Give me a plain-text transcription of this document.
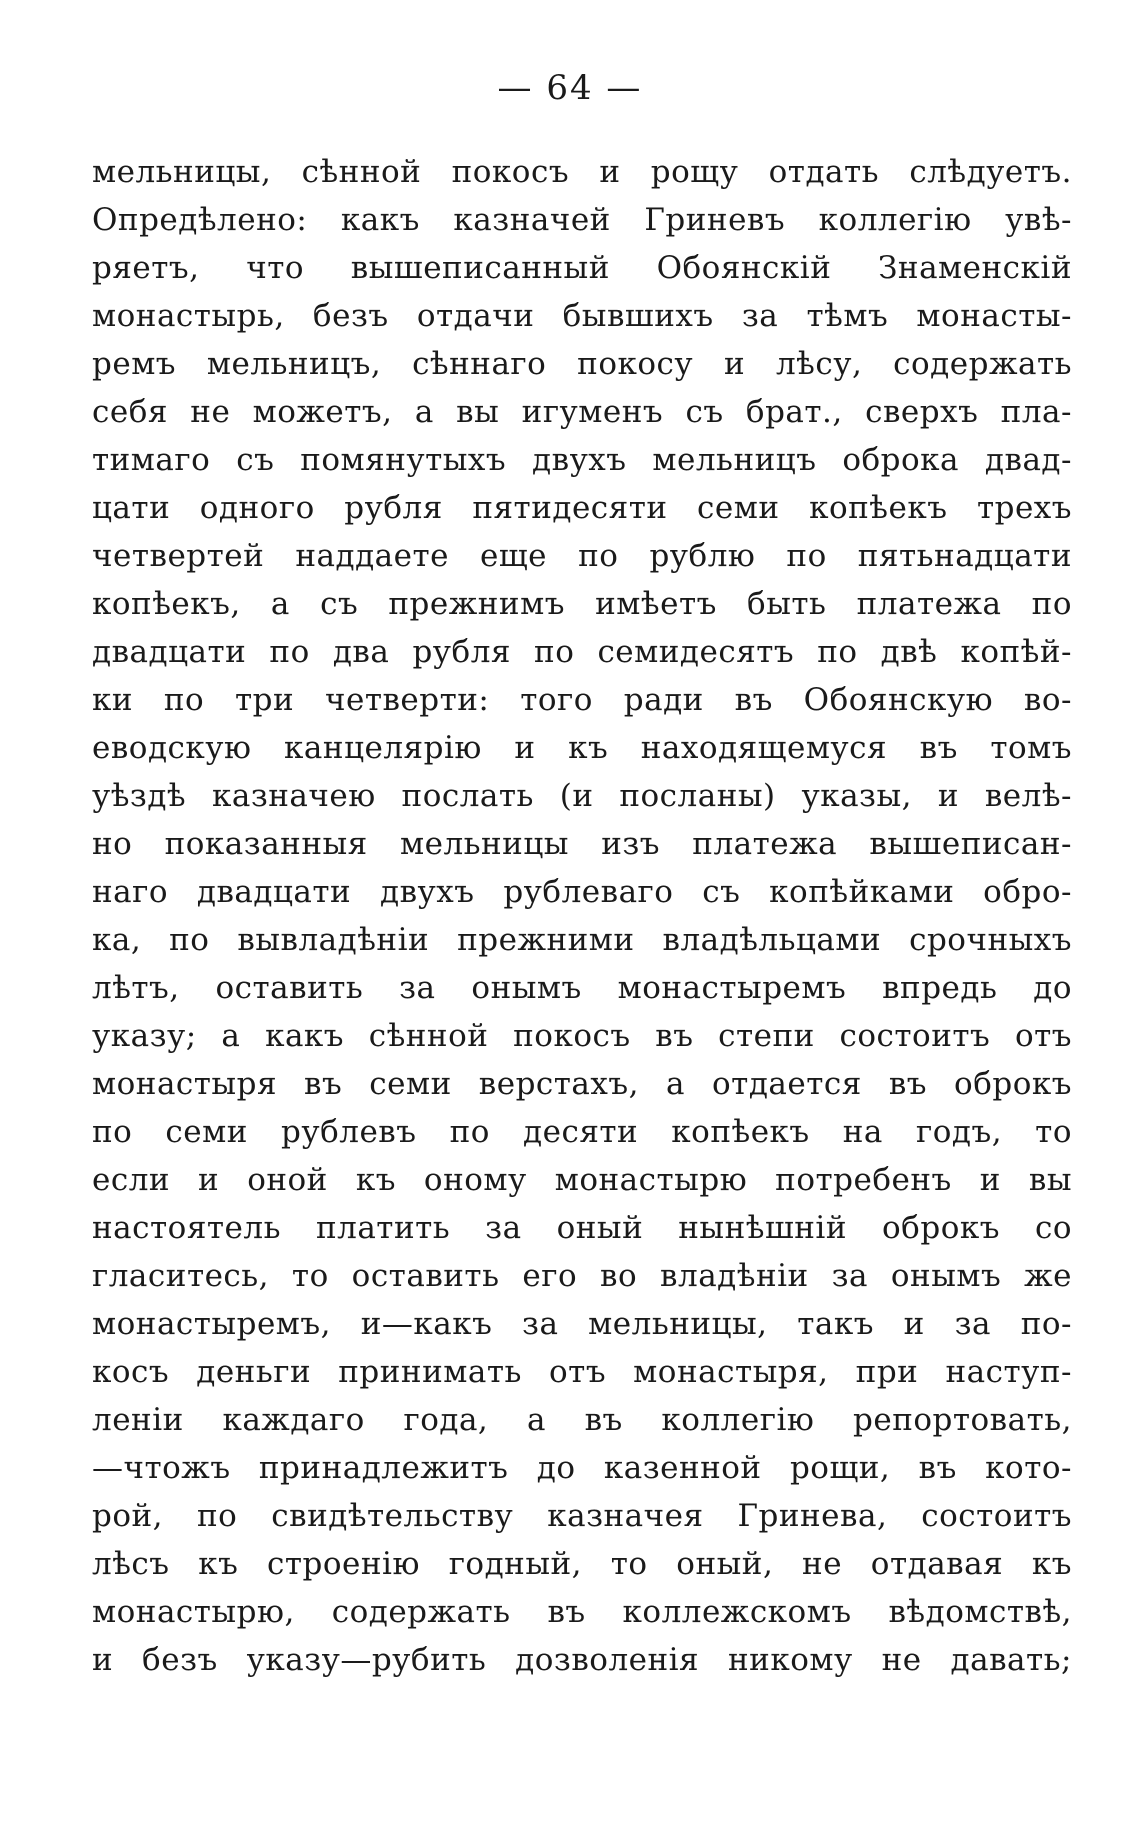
— 64 —
мельницы, сѣнной покосъ и рощу отдать слѣдуетъ.
Опредѣлено: какъ казначей Гриневъ коллегію увѣ-
ряетъ, что вышеписанный Обоянскій Знаменскій
монастырь, безъ отдачи бывшихъ за тѣмъ монасты-
ремъ мельницъ, сѣннаго покосу и лѣсу, содержать
себя не можетъ, а вы игуменъ съ брат., сверхъ пла-
тимаго съ помянутыхъ двухъ мельницъ оброка двад-
цати одного рубля пятидесяти семи копѣекъ трехъ
четвертей наддаете еще по рублю по пятьнадцати
копѣекъ, а съ прежнимъ имѣетъ быть платежа по
двадцати по два рубля по семидесятъ по двѣ копѣй-
ки по три четверти: того ради въ Обоянскую во-
еводскую канцелярію и къ находящемуся въ томъ
уѣздѣ казначею послать (и посланы) указы, и велѣ-
но показанныя мельницы изъ платежа вышеписан-
наго двадцати двухъ рублеваго съ копѣйками обро-
ка, по вывладѣніи прежними владѣльцами срочныхъ
лѣтъ, оставить за онымъ монастыремъ впредь до
указу; а какъ сѣнной покосъ въ степи состоитъ отъ
монастыря въ семи верстахъ, а отдается въ оброкъ
по семи рублевъ по десяти копѣекъ на годъ, то
если и оной къ оному монастырю потребенъ и вы
настоятель платить за оный нынѣшній оброкъ со
гласитесь, то оставить его во владѣніи за онымъ же
монастыремъ, и—какъ за мельницы, такъ и за по-
косъ деньги принимать отъ монастыря, при наступ-
леніи каждаго года, а въ коллегію репортовать,
—чтожъ принадлежитъ до казенной рощи, въ кото-
рой, по свидѣтельству казначея Гринева, состоитъ
лѣсъ къ строенію годный, то оный, не отдавая къ
монастырю, содержать въ коллежскомъ вѣдомствѣ,
и безъ указу—рубить дозволенія никому не давать;
